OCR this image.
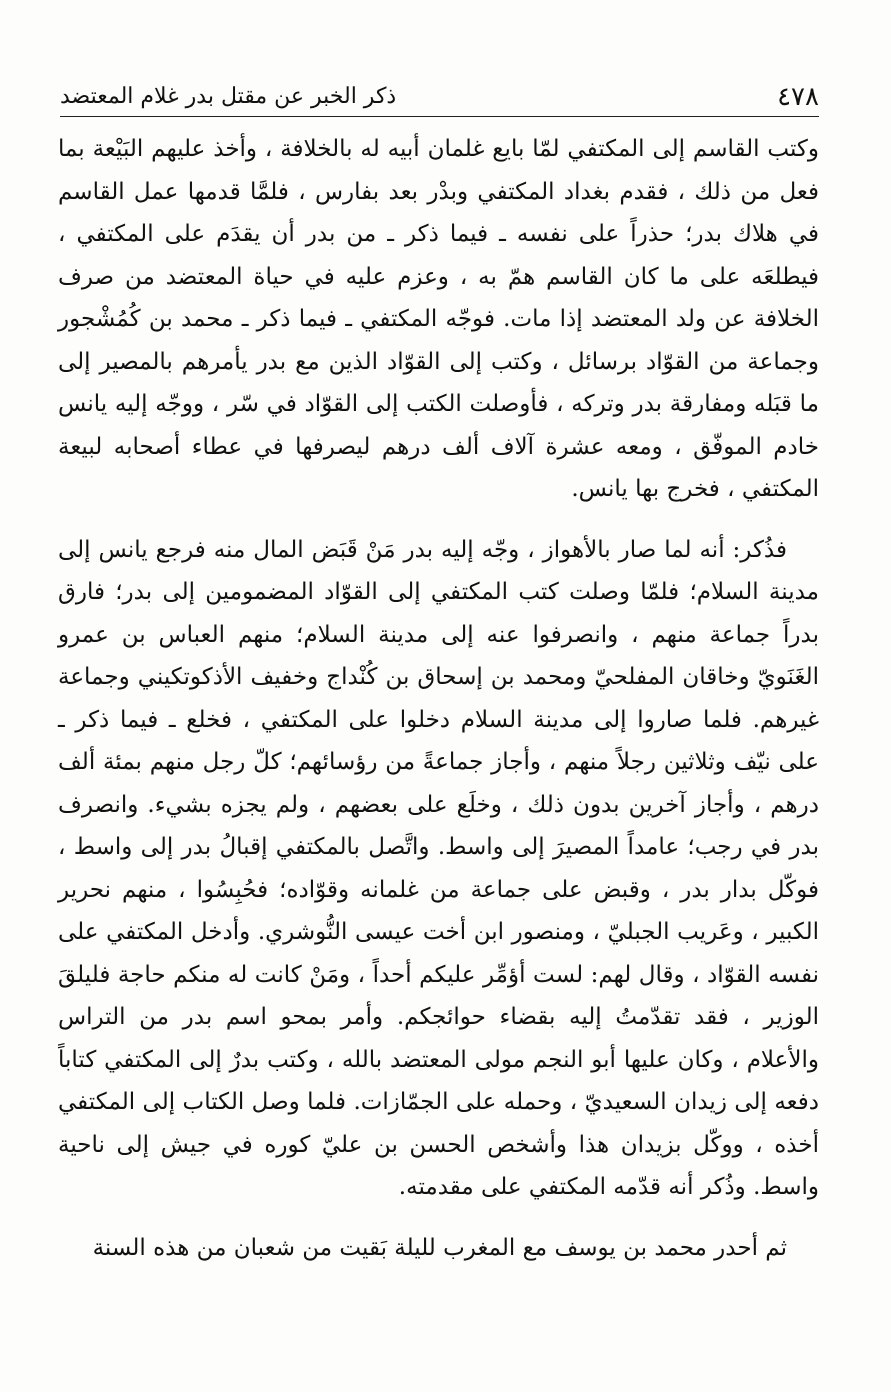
٤٧٨
ذكر الخبر عن مقتل بدر غلام المعتضد

وكتب القاسم إلى المكتفي لمّا بايع غلمان أبيه له بالخلافة ، وأخذ عليهم البَيْعة بما فعل من ذلك ، فقدم بغداد المكتفي وبدْر بعد بفارس ، فلمَّا قدمها عمل القاسم في هلاك بدر؛ حذراً على نفسه ـ فيما ذكر ـ من بدر أن يقدَم على المكتفي ، فيطلعَه على ما كان القاسم همّ به ، وعزم عليه في حياة المعتضد من صرف الخلافة عن ولد المعتضد إذا مات. فوجّه المكتفي ـ فيما ذكر ـ محمد بن كُمُشْجور وجماعة من القوّاد برسائل ، وكتب إلى القوّاد الذين مع بدر يأمرهم بالمصير إلى ما قبَله ومفارقة بدر وتركه ، فأوصلت الكتب إلى القوّاد في سّر ، ووجّه إليه يانس خادم الموفّق ، ومعه عشرة آلاف ألف درهم ليصرفها في عطاء أصحابه لبيعة المكتفي ، فخرج بها يانس.

فذُكر: أنه لما صار بالأهواز ، وجّه إليه بدر مَنْ قَبَض المال منه فرجع يانس إلى مدينة السلام؛ فلمّا وصلت كتب المكتفي إلى القوّاد المضمومين إلى بدر؛ فارق بدراً جماعة منهم ، وانصرفوا عنه إلى مدينة السلام؛ منهم العباس بن عمرو الغَنَويّ وخاقان المفلحيّ ومحمد بن إسحاق بن كُنْداج وخفيف الأذكوتكيني وجماعة غيرهم. فلما صاروا إلى مدينة السلام دخلوا على المكتفي ، فخلع ـ فيما ذكر ـ على نيّف وثلاثين رجلاً منهم ، وأجاز جماعةً من رؤسائهم؛ كلّ رجل منهم بمئة ألف درهم ، وأجاز آخرين بدون ذلك ، وخلَع على بعضهم ، ولم يجزه بشيء. وانصرف بدر في رجب؛ عامداً المصيرَ إلى واسط. واتَّصل بالمكتفي إقبالُ بدر إلى واسط ، فوكّل بدار بدر ، وقبض على جماعة من غلمانه وقوّاده؛ فحُبِسُوا ، منهم نحرير الكبير ، وعَريب الجبليّ ، ومنصور ابن أخت عيسى النُّوشري. وأدخل المكتفي على نفسه القوّاد ، وقال لهم: لست أؤمِّر عليكم أحداً ، ومَنْ كانت له منكم حاجة فليلقَ الوزير ، فقد تقدّمتُ إليه بقضاء حوائجكم. وأمر بمحو اسم بدر من التراس والأعلام ، وكان عليها أبو النجم مولى المعتضد بالله ، وكتب بدرٌ إلى المكتفي كتاباً دفعه إلى زيدان السعيديّ ، وحمله على الجمّازات. فلما وصل الكتاب إلى المكتفي أخذه ، ووكّل بزيدان هذا وأشخص الحسن بن عليّ كوره في جيش إلى ناحية واسط. وذُكر أنه قدّمه المكتفي على مقدمته.

ثم أحدر محمد بن يوسف مع المغرب لليلة بَقيت من شعبان من هذه السنة
